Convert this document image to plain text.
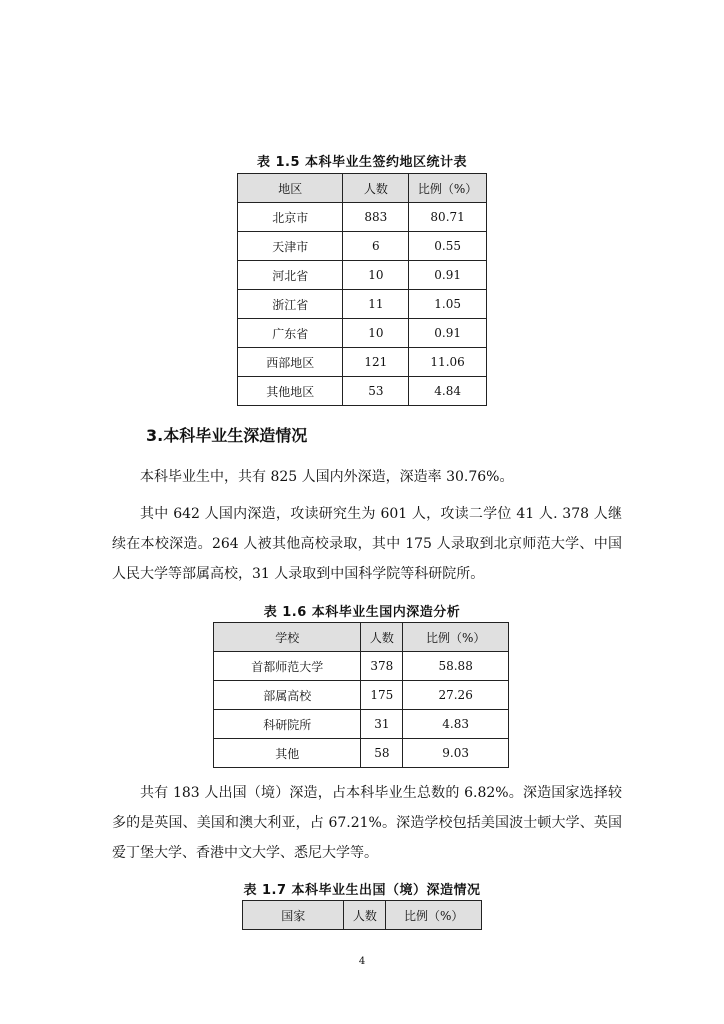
表 1.5 本科毕业生签约地区统计表
地区	人数	比例（%）
北京市	883	80.71
天津市	6	0.55
河北省	10	0.91
浙江省	11	1.05
广东省	10	0.91
西部地区	121	11.06
其他地区	53	4.84
3.本科毕业生深造情况

本科毕业生中，共有 825 人国内外深造，深造率 30.76%。

其中 642 人国内深造，攻读研究生为 601 人，攻读二学位 41 人. 378 人继续在本校深造。264 人被其他高校录取，其中 175 人录取到北京师范大学、中国人民大学等部属高校，31 人录取到中国科学院等科研院所。

表 1.6 本科毕业生国内深造分析
学校	人数	比例（%）
首都师范大学	378	58.88
部属高校	175	27.26
科研院所	31	4.83
其他	58	9.03

共有 183 人出国（境）深造，占本科毕业生总数的 6.82%。深造国家选择较多的是英国、美国和澳大利亚，占 67.21%。深造学校包括美国波士顿大学、英国爱丁堡大学、香港中文大学、悉尼大学等。

表 1.7 本科毕业生出国（境）深造情况
国家	人数	比例（%）
4
